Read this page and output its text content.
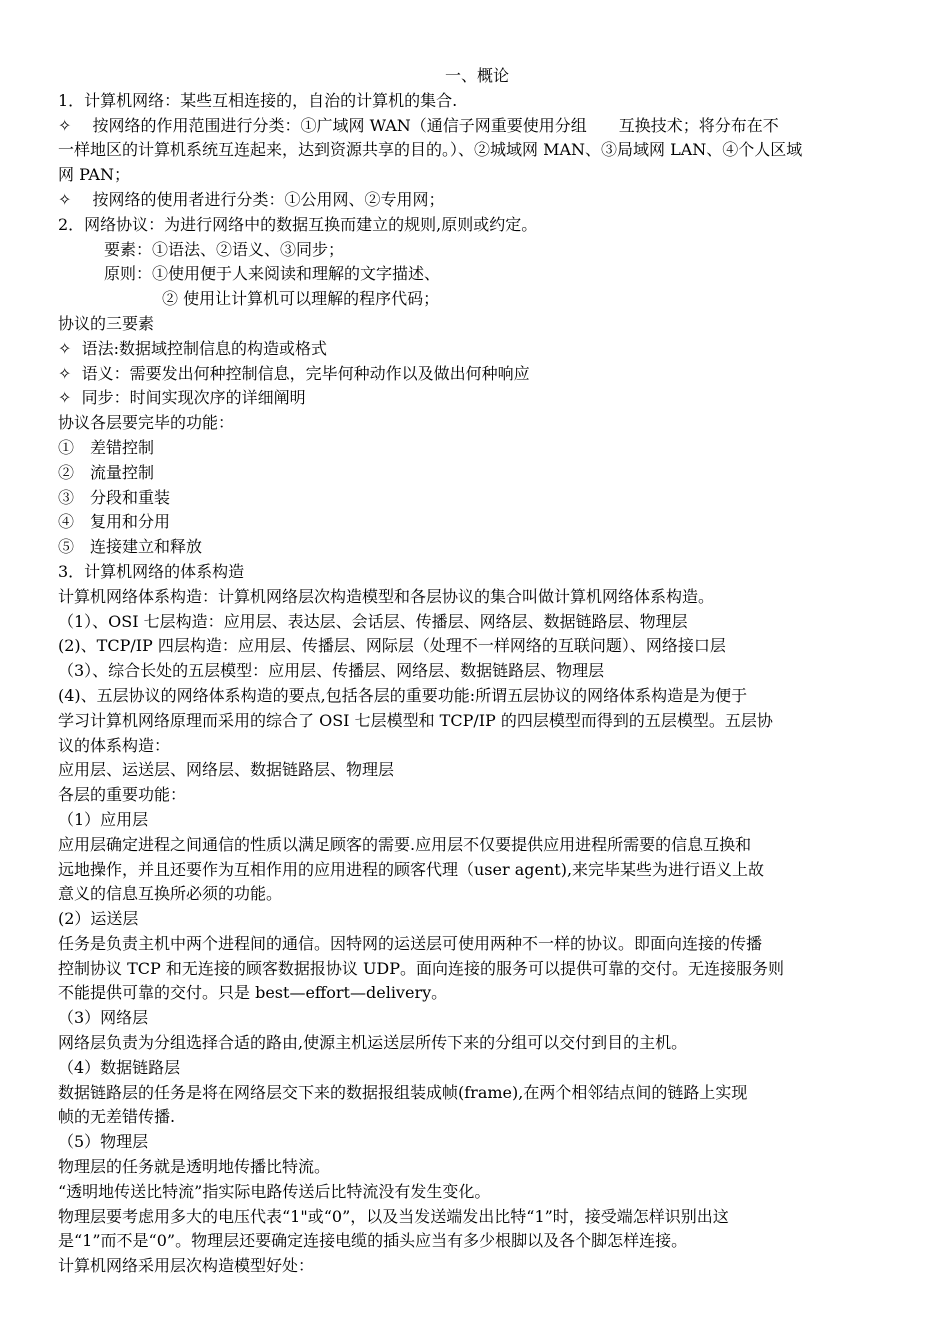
一、概论
1．计算机网络：某些互相连接的，自治的计算机的集合.
✧　 按网络的作用范围进行分类：①广域网 WAN（通信子网重要使用分组　　互换技术；将分布在不
一样地区的计算机系统互连起来，达到资源共享的目的。）、②城域网 MAN、③局域网 LAN、④个人区域
网 PAN；
✧　 按网络的使用者进行分类：①公用网、②专用网；
2．网络协议：为进行网络中的数据互换而建立的规则,原则或约定。
要素：①语法、②语义、③同步；
原则：①使用便于人来阅读和理解的文字描述、
② 使用让计算机可以理解的程序代码；
协议的三要素
✧  语法:数据域控制信息的构造或格式
✧  语义：需要发出何种控制信息，完毕何种动作以及做出何种响应
✧  同步：时间实现次序的详细阐明
协议各层要完毕的功能：
①　差错控制
②　流量控制
③　分段和重装
④　复用和分用
⑤　连接建立和释放
3．计算机网络的体系构造
计算机网络体系构造：计算机网络层次构造模型和各层协议的集合叫做计算机网络体系构造。
（1）、OSI 七层构造：应用层、表达层、会话层、传播层、网络层、数据链路层、物理层
(2)、TCP/IP 四层构造：应用层、传播层、网际层（处理不一样网络的互联问题）、网络接口层
（3）、综合长处的五层模型：应用层、传播层、网络层、数据链路层、物理层
(4)、五层协议的网络体系构造的要点,包括各层的重要功能:所谓五层协议的网络体系构造是为便于
学习计算机网络原理而采用的综合了 OSI 七层模型和 TCP/IP 的四层模型而得到的五层模型。五层协
议的体系构造：
应用层、运送层、网络层、数据链路层、物理层
各层的重要功能：
（1）应用层
应用层确定进程之间通信的性质以满足顾客的需要.应用层不仅要提供应用进程所需要的信息互换和
远地操作，并且还要作为互相作用的应用进程的顾客代理（user agent),来完毕某些为进行语义上故
意义的信息互换所必须的功能。
(2）运送层
任务是负责主机中两个进程间的通信。因特网的运送层可使用两种不一样的协议。即面向连接的传播
控制协议 TCP 和无连接的顾客数据报协议 UDP。面向连接的服务可以提供可靠的交付。无连接服务则
不能提供可靠的交付。只是 best—effort—delivery。
（3）网络层
网络层负责为分组选择合适的路由,使源主机运送层所传下来的分组可以交付到目的主机。
（4）数据链路层
数据链路层的任务是将在网络层交下来的数据报组装成帧(frame),在两个相邻结点间的链路上实现
帧的无差错传播.
（5）物理层
物理层的任务就是透明地传播比特流。
“透明地传送比特流”指实际电路传送后比特流没有发生变化。
物理层要考虑用多大的电压代表“1"或“0”，以及当发送端发出比特“1”时，接受端怎样识别出这
是“1”而不是“0”。物理层还要确定连接电缆的插头应当有多少根脚以及各个脚怎样连接。
计算机网络采用层次构造模型好处：
